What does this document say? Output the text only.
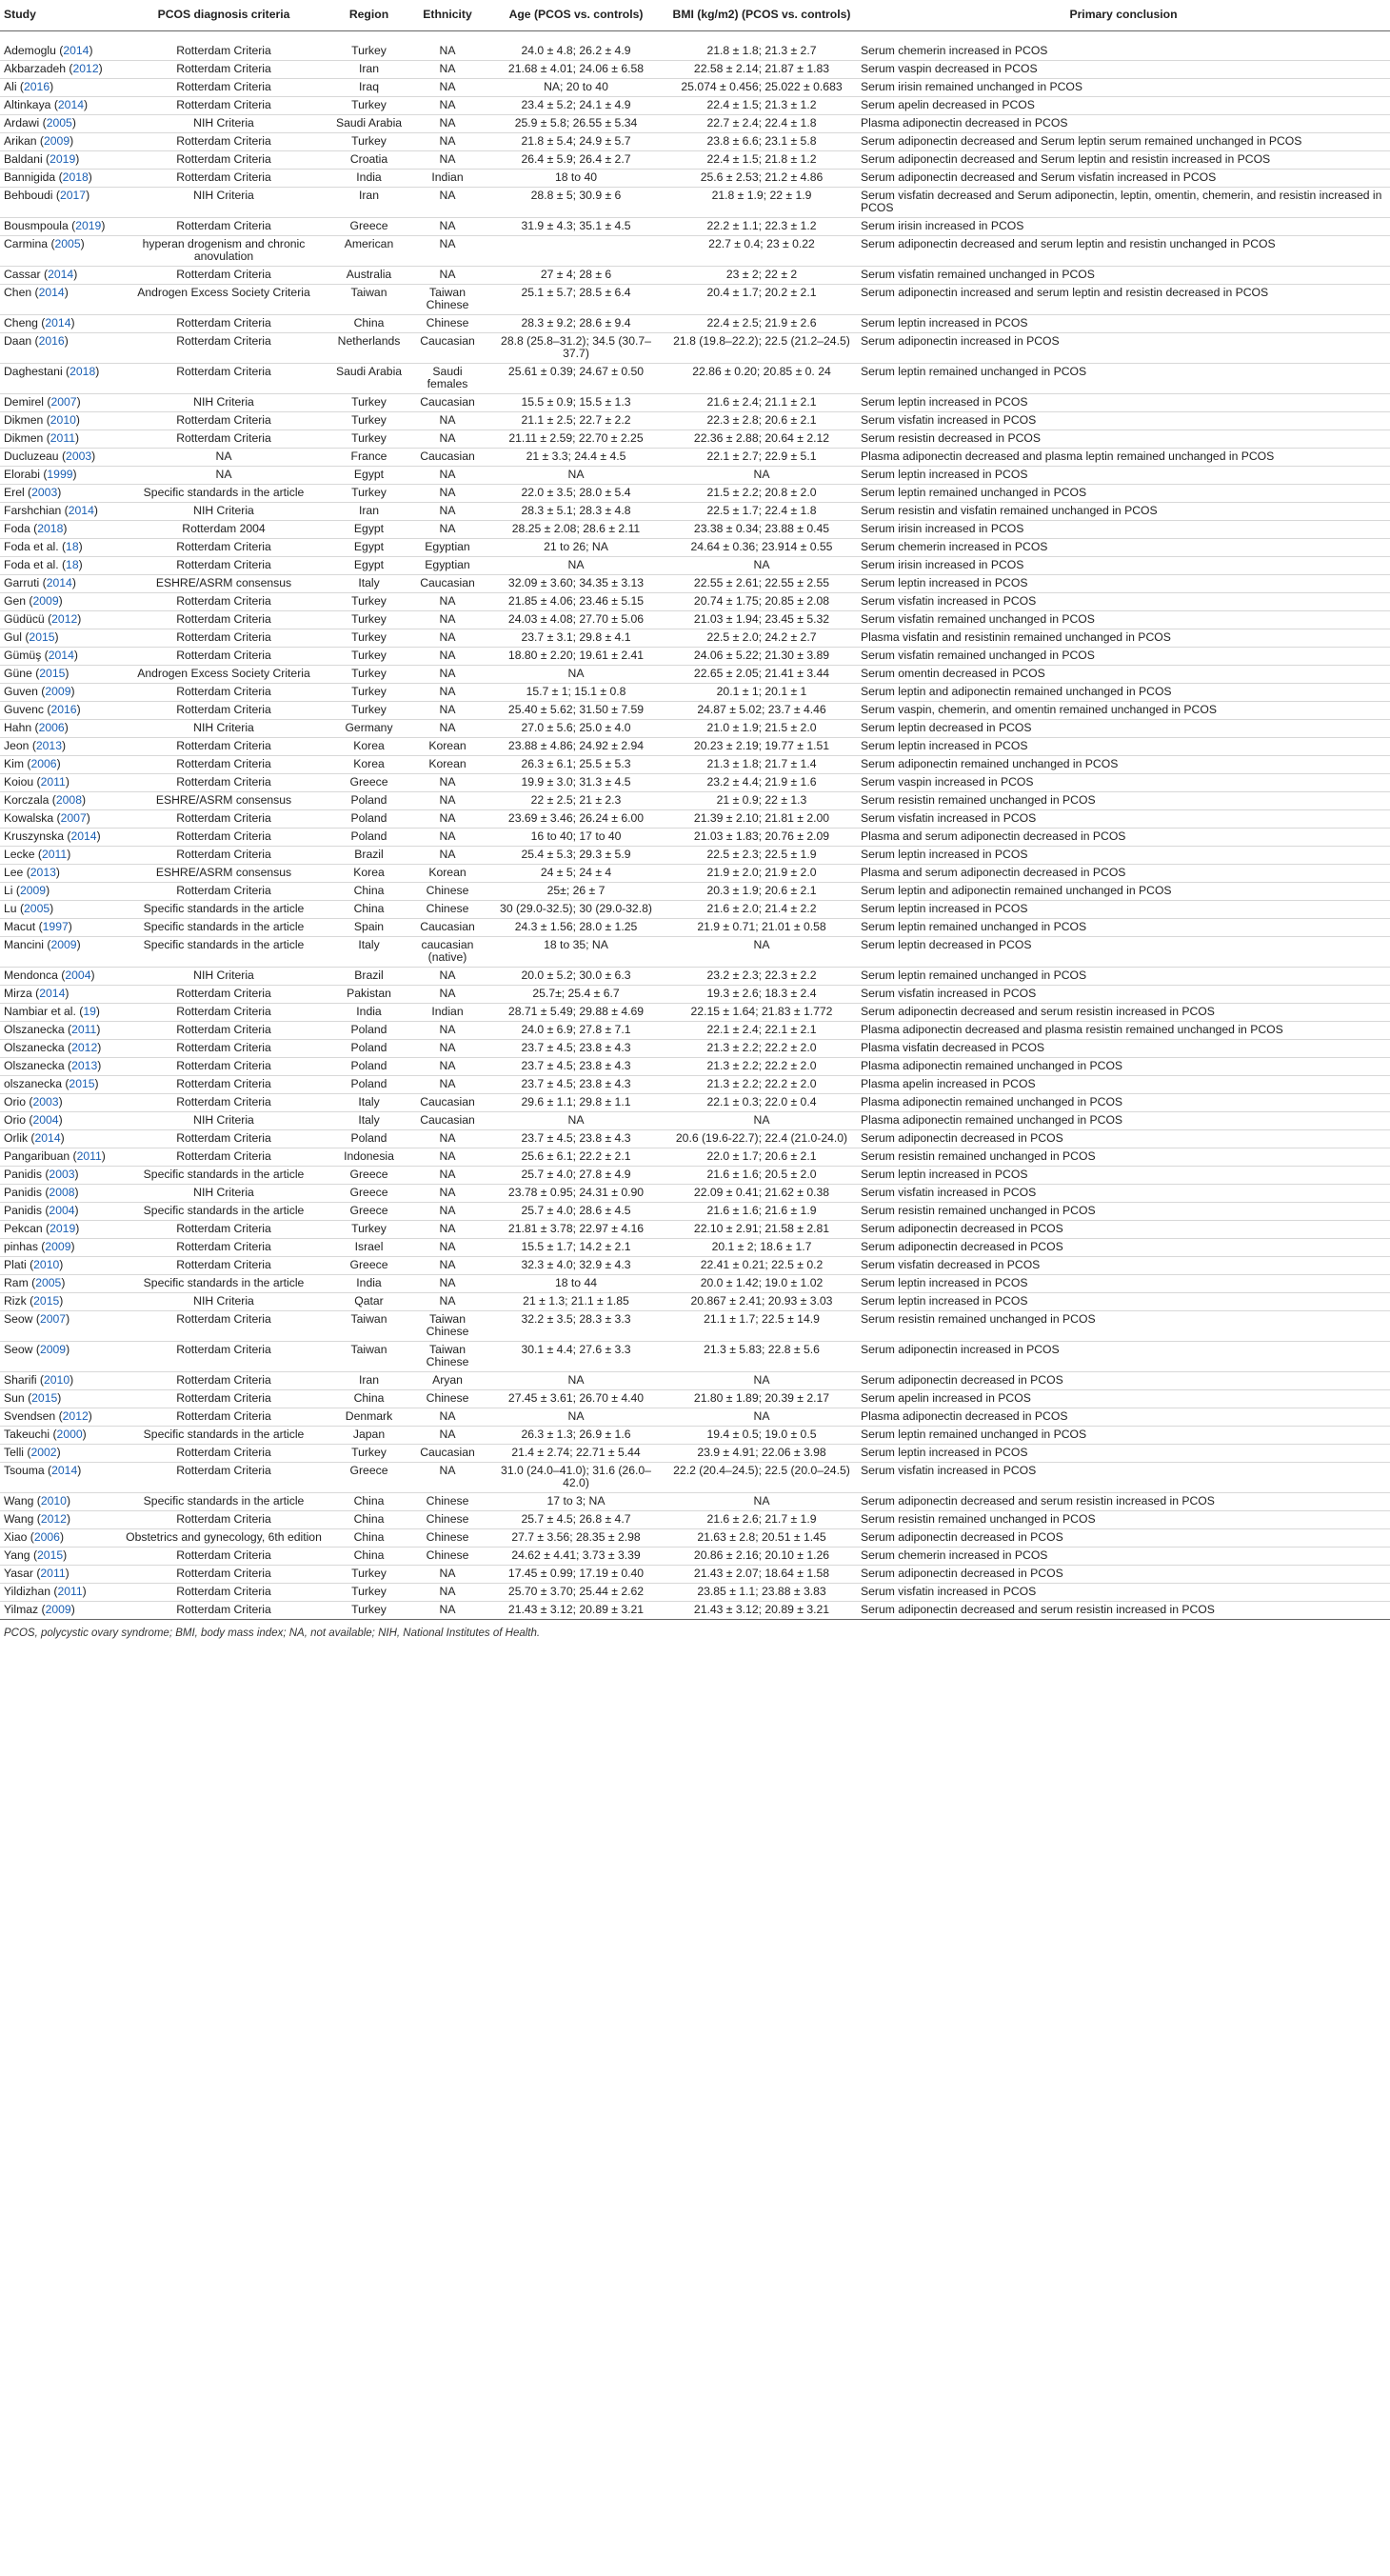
Study	PCOS diagnosis criteria	Region	Ethnicity	Age (PCOS vs. controls)	BMI (kg/m2) (PCOS vs. controls)	Primary conclusion
Ademoglu (2014)	Rotterdam Criteria	Turkey	NA	24.0 ± 4.8; 26.2 ± 4.9	21.8 ± 1.8; 21.3 ± 2.7	Serum chemerin increased in PCOS
Akbarzadeh (2012)	Rotterdam Criteria	Iran	NA	21.68 ± 4.01; 24.06 ± 6.58	22.58 ± 2.14; 21.87 ± 1.83	Serum vaspin decreased in PCOS
Ali (2016)	Rotterdam Criteria	Iraq	NA	NA; 20 to 40	25.074 ± 0.456; 25.022 ± 0.683	Serum irisin remained unchanged in PCOS
Altinkaya (2014)	Rotterdam Criteria	Turkey	NA	23.4 ± 5.2; 24.1 ± 4.9	22.4 ± 1.5; 21.3 ± 1.2	Serum apelin decreased in PCOS
Ardawi (2005)	NIH Criteria	Saudi Arabia	NA	25.9 ± 5.8; 26.55 ± 5.34	22.7 ± 2.4; 22.4 ± 1.8	Plasma adiponectin decreased in PCOS
Arikan (2009)	Rotterdam Criteria	Turkey	NA	21.8 ± 5.4; 24.9 ± 5.7	23.8 ± 6.6; 23.1 ± 5.8	Serum adiponectin decreased and Serum leptin serum remained unchanged in PCOS
Baldani (2019)	Rotterdam Criteria	Croatia	NA	26.4 ± 5.9; 26.4 ± 2.7	22.4 ± 1.5; 21.8 ± 1.2	Serum adiponectin decreased and Serum leptin and resistin increased in PCOS
Bannigida (2018)	Rotterdam Criteria	India	Indian	18 to 40	25.6 ± 2.53; 21.2 ± 4.86	Serum adiponectin decreased and Serum visfatin increased in PCOS
Behboudi (2017)	NIH Criteria	Iran	NA	28.8 ± 5; 30.9 ± 6	21.8 ± 1.9; 22 ± 1.9	Serum visfatin decreased and Serum adiponectin, leptin, omentin, chemerin, and resistin increased in PCOS
Bousmpoula (2019)	Rotterdam Criteria	Greece	NA	31.9 ± 4.3; 35.1 ± 4.5	22.2 ± 1.1; 22.3 ± 1.2	Serum irisin increased in PCOS
Carmina (2005)	hyperan drogenism and chronic anovulation	American	NA		22.7 ± 0.4; 23 ± 0.22	Serum adiponectin decreased and serum leptin and resistin unchanged in PCOS
Cassar (2014)	Rotterdam Criteria	Australia	NA	27 ± 4; 28 ± 6	23 ± 2; 22 ± 2	Serum visfatin remained unchanged in PCOS
Chen (2014)	Androgen Excess Society Criteria	Taiwan	Taiwan Chinese	25.1 ± 5.7; 28.5 ± 6.4	20.4 ± 1.7; 20.2 ± 2.1	Serum adiponectin increased and serum leptin and resistin decreased in PCOS
Cheng (2014)	Rotterdam Criteria	China	Chinese	28.3 ± 9.2; 28.6 ± 9.4	22.4 ± 2.5; 21.9 ± 2.6	Serum leptin increased in PCOS
Daan (2016)	Rotterdam Criteria	Netherlands	Caucasian	28.8 (25.8–31.2); 34.5 (30.7–37.7)	21.8 (19.8–22.2); 22.5 (21.2–24.5)	Serum adiponectin increased in PCOS
Daghestani (2018)	Rotterdam Criteria	Saudi Arabia	Saudi females	25.61 ± 0.39; 24.67 ± 0.50	22.86 ± 0.20; 20.85 ± 0. 24	Serum leptin remained unchanged in PCOS
Demirel (2007)	NIH Criteria	Turkey	Caucasian	15.5 ± 0.9; 15.5 ± 1.3	21.6 ± 2.4; 21.1 ± 2.1	Serum leptin increased in PCOS
Dikmen (2010)	Rotterdam Criteria	Turkey	NA	21.1 ± 2.5; 22.7 ± 2.2	22.3 ± 2.8; 20.6 ± 2.1	Serum visfatin increased in PCOS
Dikmen (2011)	Rotterdam Criteria	Turkey	NA	21.11 ± 2.59; 22.70 ± 2.25	22.36 ± 2.88; 20.64 ± 2.12	Serum resistin decreased in PCOS
Ducluzeau (2003)	NA	France	Caucasian	21 ± 3.3; 24.4 ± 4.5	22.1 ± 2.7; 22.9 ± 5.1	Plasma adiponectin decreased and plasma leptin remained unchanged in PCOS
Elorabi (1999)	NA	Egypt	NA	NA	NA	Serum leptin increased in PCOS
Erel (2003)	Specific standards in the article	Turkey	NA	22.0 ± 3.5; 28.0 ± 5.4	21.5 ± 2.2; 20.8 ± 2.0	Serum leptin remained unchanged in PCOS
Farshchian (2014)	NIH Criteria	Iran	NA	28.3 ± 5.1; 28.3 ± 4.8	22.5 ± 1.7; 22.4 ± 1.8	Serum resistin and visfatin remained unchanged in PCOS
Foda (2018)	Rotterdam 2004	Egypt	NA	28.25 ± 2.08; 28.6 ± 2.11	23.38 ± 0.34; 23.88 ± 0.45	Serum irisin increased in PCOS
Foda et al. (18)	Rotterdam Criteria	Egypt	Egyptian	21 to 26; NA	24.64 ± 0.36; 23.914 ± 0.55	Serum chemerin increased in PCOS
Foda et al. (18)	Rotterdam Criteria	Egypt	Egyptian	NA	NA	Serum irisin increased in PCOS
Garruti (2014)	ESHRE/ASRM consensus	Italy	Caucasian	32.09 ± 3.60; 34.35 ± 3.13	22.55 ± 2.61; 22.55 ± 2.55	Serum leptin increased in PCOS
Gen (2009)	Rotterdam Criteria	Turkey	NA	21.85 ± 4.06; 23.46 ± 5.15	20.74 ± 1.75; 20.85 ± 2.08	Serum visfatin increased in PCOS
Güdücü (2012)	Rotterdam Criteria	Turkey	NA	24.03 ± 4.08; 27.70 ± 5.06	21.03 ± 1.94; 23.45 ± 5.32	Serum visfatin remained unchanged in PCOS
Gul (2015)	Rotterdam Criteria	Turkey	NA	23.7 ± 3.1; 29.8 ± 4.1	22.5 ± 2.0; 24.2 ± 2.7	Plasma visfatin and resistinin remained unchanged in PCOS
Gümüş (2014)	Rotterdam Criteria	Turkey	NA	18.80 ± 2.20; 19.61 ± 2.41	24.06 ± 5.22; 21.30 ± 3.89	Serum visfatin remained unchanged in PCOS
Güne (2015)	Androgen Excess Society Criteria	Turkey	NA	NA	22.65 ± 2.05; 21.41 ± 3.44	Serum omentin decreased in PCOS
Guven (2009)	Rotterdam Criteria	Turkey	NA	15.7 ± 1; 15.1 ± 0.8	20.1 ± 1; 20.1 ± 1	Serum leptin and adiponectin remained unchanged in PCOS
Guvenc (2016)	Rotterdam Criteria	Turkey	NA	25.40 ± 5.62; 31.50 ± 7.59	24.87 ± 5.02; 23.7 ± 4.46	Serum vaspin, chemerin, and omentin remained unchanged in PCOS
Hahn (2006)	NIH Criteria	Germany	NA	27.0 ± 5.6; 25.0 ± 4.0	21.0 ± 1.9; 21.5 ± 2.0	Serum leptin decreased in PCOS
Jeon (2013)	Rotterdam Criteria	Korea	Korean	23.88 ± 4.86; 24.92 ± 2.94	20.23 ± 2.19; 19.77 ± 1.51	Serum leptin increased in PCOS
Kim (2006)	Rotterdam Criteria	Korea	Korean	26.3 ± 6.1; 25.5 ± 5.3	21.3 ± 1.8; 21.7 ± 1.4	Serum adiponectin remained unchanged in PCOS
Koiou (2011)	Rotterdam Criteria	Greece	NA	19.9 ± 3.0; 31.3 ± 4.5	23.2 ± 4.4; 21.9 ± 1.6	Serum vaspin increased in PCOS
Korczala (2008)	ESHRE/ASRM consensus	Poland	NA	22 ± 2.5; 21 ± 2.3	21 ± 0.9; 22 ± 1.3	Serum resistin remained unchanged in PCOS
Kowalska (2007)	Rotterdam Criteria	Poland	NA	23.69 ± 3.46; 26.24 ± 6.00	21.39 ± 2.10; 21.81 ± 2.00	Serum visfatin increased in PCOS
Kruszynska (2014)	Rotterdam Criteria	Poland	NA	16 to 40; 17 to 40	21.03 ± 1.83; 20.76 ± 2.09	Plasma and serum adiponectin decreased in PCOS
Lecke (2011)	Rotterdam Criteria	Brazil	NA	25.4 ± 5.3; 29.3 ± 5.9	22.5 ± 2.3; 22.5 ± 1.9	Serum leptin increased in PCOS
Lee (2013)	ESHRE/ASRM consensus	Korea	Korean	24 ± 5; 24 ± 4	21.9 ± 2.0; 21.9 ± 2.0	Plasma and serum adiponectin decreased in PCOS
Li (2009)	Rotterdam Criteria	China	Chinese	25±; 26 ± 7	20.3 ± 1.9; 20.6 ± 2.1	Serum leptin and adiponectin remained unchanged in PCOS
Lu (2005)	Specific standards in the article	China	Chinese	30 (29.0-32.5); 30 (29.0-32.8)	21.6 ± 2.0; 21.4 ± 2.2	Serum leptin increased in PCOS
Macut (1997)	Specific standards in the article	Spain	Caucasian	24.3 ± 1.56; 28.0 ± 1.25	21.9 ± 0.71; 21.01 ± 0.58	Serum leptin remained unchanged in PCOS
Mancini (2009)	Specific standards in the article	Italy	caucasian (native)	18 to 35; NA	NA	Serum leptin decreased in PCOS
Mendonca (2004)	NIH Criteria	Brazil	NA	20.0 ± 5.2; 30.0 ± 6.3	23.2 ± 2.3; 22.3 ± 2.2	Serum leptin remained unchanged in PCOS
Mirza (2014)	Rotterdam Criteria	Pakistan	NA	25.7±; 25.4 ± 6.7	19.3 ± 2.6; 18.3 ± 2.4	Serum visfatin increased in PCOS
Nambiar et al. (19)	Rotterdam Criteria	India	Indian	28.71 ± 5.49; 29.88 ± 4.69	22.15 ± 1.64; 21.83 ± 1.772	Serum adiponectin decreased and serum resistin increased in PCOS
Olszanecka (2011)	Rotterdam Criteria	Poland	NA	24.0 ± 6.9; 27.8 ± 7.1	22.1 ± 2.4; 22.1 ± 2.1	Plasma adiponectin decreased and plasma resistin remained unchanged in PCOS
Olszanecka (2012)	Rotterdam Criteria	Poland	NA	23.7 ± 4.5; 23.8 ± 4.3	21.3 ± 2.2; 22.2 ± 2.0	Plasma visfatin decreased in PCOS
Olszanecka (2013)	Rotterdam Criteria	Poland	NA	23.7 ± 4.5; 23.8 ± 4.3	21.3 ± 2.2; 22.2 ± 2.0	Plasma adiponectin remained unchanged in PCOS
olszanecka (2015)	Rotterdam Criteria	Poland	NA	23.7 ± 4.5; 23.8 ± 4.3	21.3 ± 2.2; 22.2 ± 2.0	Plasma apelin increased in PCOS
Orio (2003)	Rotterdam Criteria	Italy	Caucasian	29.6 ± 1.1; 29.8 ± 1.1	22.1 ± 0.3; 22.0 ± 0.4	Plasma adiponectin remained unchanged in PCOS
Orio (2004)	NIH Criteria	Italy	Caucasian	NA	NA	Plasma adiponectin remained unchanged in PCOS
Orlik (2014)	Rotterdam Criteria	Poland	NA	23.7 ± 4.5; 23.8 ± 4.3	20.6 (19.6-22.7); 22.4 (21.0-24.0)	Serum adiponectin decreased in PCOS
Pangaribuan (2011)	Rotterdam Criteria	Indonesia	NA	25.6 ± 6.1; 22.2 ± 2.1	22.0 ± 1.7; 20.6 ± 2.1	Serum resistin remained unchanged in PCOS
Panidis (2003)	Specific standards in the article	Greece	NA	25.7 ± 4.0; 27.8 ± 4.9	21.6 ± 1.6; 20.5 ± 2.0	Serum leptin increased in PCOS
Panidis (2008)	NIH Criteria	Greece	NA	23.78 ± 0.95; 24.31 ± 0.90	22.09 ± 0.41; 21.62 ± 0.38	Serum visfatin increased in PCOS
Panidis (2004)	Specific standards in the article	Greece	NA	25.7 ± 4.0; 28.6 ± 4.5	21.6 ± 1.6; 21.6 ± 1.9	Serum resistin remained unchanged in PCOS
Pekcan (2019)	Rotterdam Criteria	Turkey	NA	21.81 ± 3.78; 22.97 ± 4.16	22.10 ± 2.91; 21.58 ± 2.81	Serum adiponectin decreased in PCOS
pinhas (2009)	Rotterdam Criteria	Israel	NA	15.5 ± 1.7; 14.2 ± 2.1	20.1 ± 2; 18.6 ± 1.7	Serum adiponectin decreased in PCOS
Plati (2010)	Rotterdam Criteria	Greece	NA	32.3 ± 4.0; 32.9 ± 4.3	22.41 ± 0.21; 22.5 ± 0.2	Serum visfatin decreased in PCOS
Ram (2005)	Specific standards in the article	India	NA	18 to 44	20.0 ± 1.42; 19.0 ± 1.02	Serum leptin increased in PCOS
Rizk (2015)	NIH Criteria	Qatar	NA	21 ± 1.3; 21.1 ± 1.85	20.867 ± 2.41; 20.93 ± 3.03	Serum leptin increased in PCOS
Seow (2007)	Rotterdam Criteria	Taiwan	Taiwan Chinese	32.2 ± 3.5; 28.3 ± 3.3	21.1 ± 1.7; 22.5 ± 14.9	Serum resistin remained unchanged in PCOS
Seow (2009)	Rotterdam Criteria	Taiwan	Taiwan Chinese	30.1 ± 4.4; 27.6 ± 3.3	21.3 ± 5.83; 22.8 ± 5.6	Serum adiponectin increased in PCOS
Sharifi (2010)	Rotterdam Criteria	Iran	Aryan	NA	NA	Serum adiponectin decreased in PCOS
Sun (2015)	Rotterdam Criteria	China	Chinese	27.45 ± 3.61; 26.70 ± 4.40	21.80 ± 1.89; 20.39 ± 2.17	Serum apelin increased in PCOS
Svendsen (2012)	Rotterdam Criteria	Denmark	NA	NA	NA	Plasma adiponectin decreased in PCOS
Takeuchi (2000)	Specific standards in the article	Japan	NA	26.3 ± 1.3; 26.9 ± 1.6	19.4 ± 0.5; 19.0 ± 0.5	Serum leptin remained unchanged in PCOS
Telli (2002)	Rotterdam Criteria	Turkey	Caucasian	21.4 ± 2.74; 22.71 ± 5.44	23.9 ± 4.91; 22.06 ± 3.98	Serum leptin increased in PCOS
Tsouma (2014)	Rotterdam Criteria	Greece	NA	31.0 (24.0–41.0); 31.6 (26.0–42.0)	22.2 (20.4–24.5); 22.5 (20.0–24.5)	Serum visfatin increased in PCOS
Wang (2010)	Specific standards in the article	China	Chinese	17 to 3; NA	NA	Serum adiponectin decreased and serum resistin increased in PCOS
Wang (2012)	Rotterdam Criteria	China	Chinese	25.7 ± 4.5; 26.8 ± 4.7	21.6 ± 2.6; 21.7 ± 1.9	Serum resistin remained unchanged in PCOS
Xiao (2006)	Obstetrics and gynecology, 6th edition	China	Chinese	27.7 ± 3.56; 28.35 ± 2.98	21.63 ± 2.8; 20.51 ± 1.45	Serum adiponectin decreased in PCOS
Yang (2015)	Rotterdam Criteria	China	Chinese	24.62 ± 4.41; 3.73 ± 3.39	20.86 ± 2.16; 20.10 ± 1.26	Serum chemerin increased in PCOS
Yasar (2011)	Rotterdam Criteria	Turkey	NA	17.45 ± 0.99; 17.19 ± 0.40	21.43 ± 2.07; 18.64 ± 1.58	Serum adiponectin decreased in PCOS
Yildizhan (2011)	Rotterdam Criteria	Turkey	NA	25.70 ± 3.70; 25.44 ± 2.62	23.85 ± 1.1; 23.88 ± 3.83	Serum visfatin increased in PCOS
Yilmaz (2009)	Rotterdam Criteria	Turkey	NA	21.43 ± 3.12; 20.89 ± 3.21	21.43 ± 3.12; 20.89 ± 3.21	Serum adiponectin decreased and serum resistin increased in PCOS
PCOS, polycystic ovary syndrome; BMI, body mass index; NA, not available; NIH, National Institutes of Health.
